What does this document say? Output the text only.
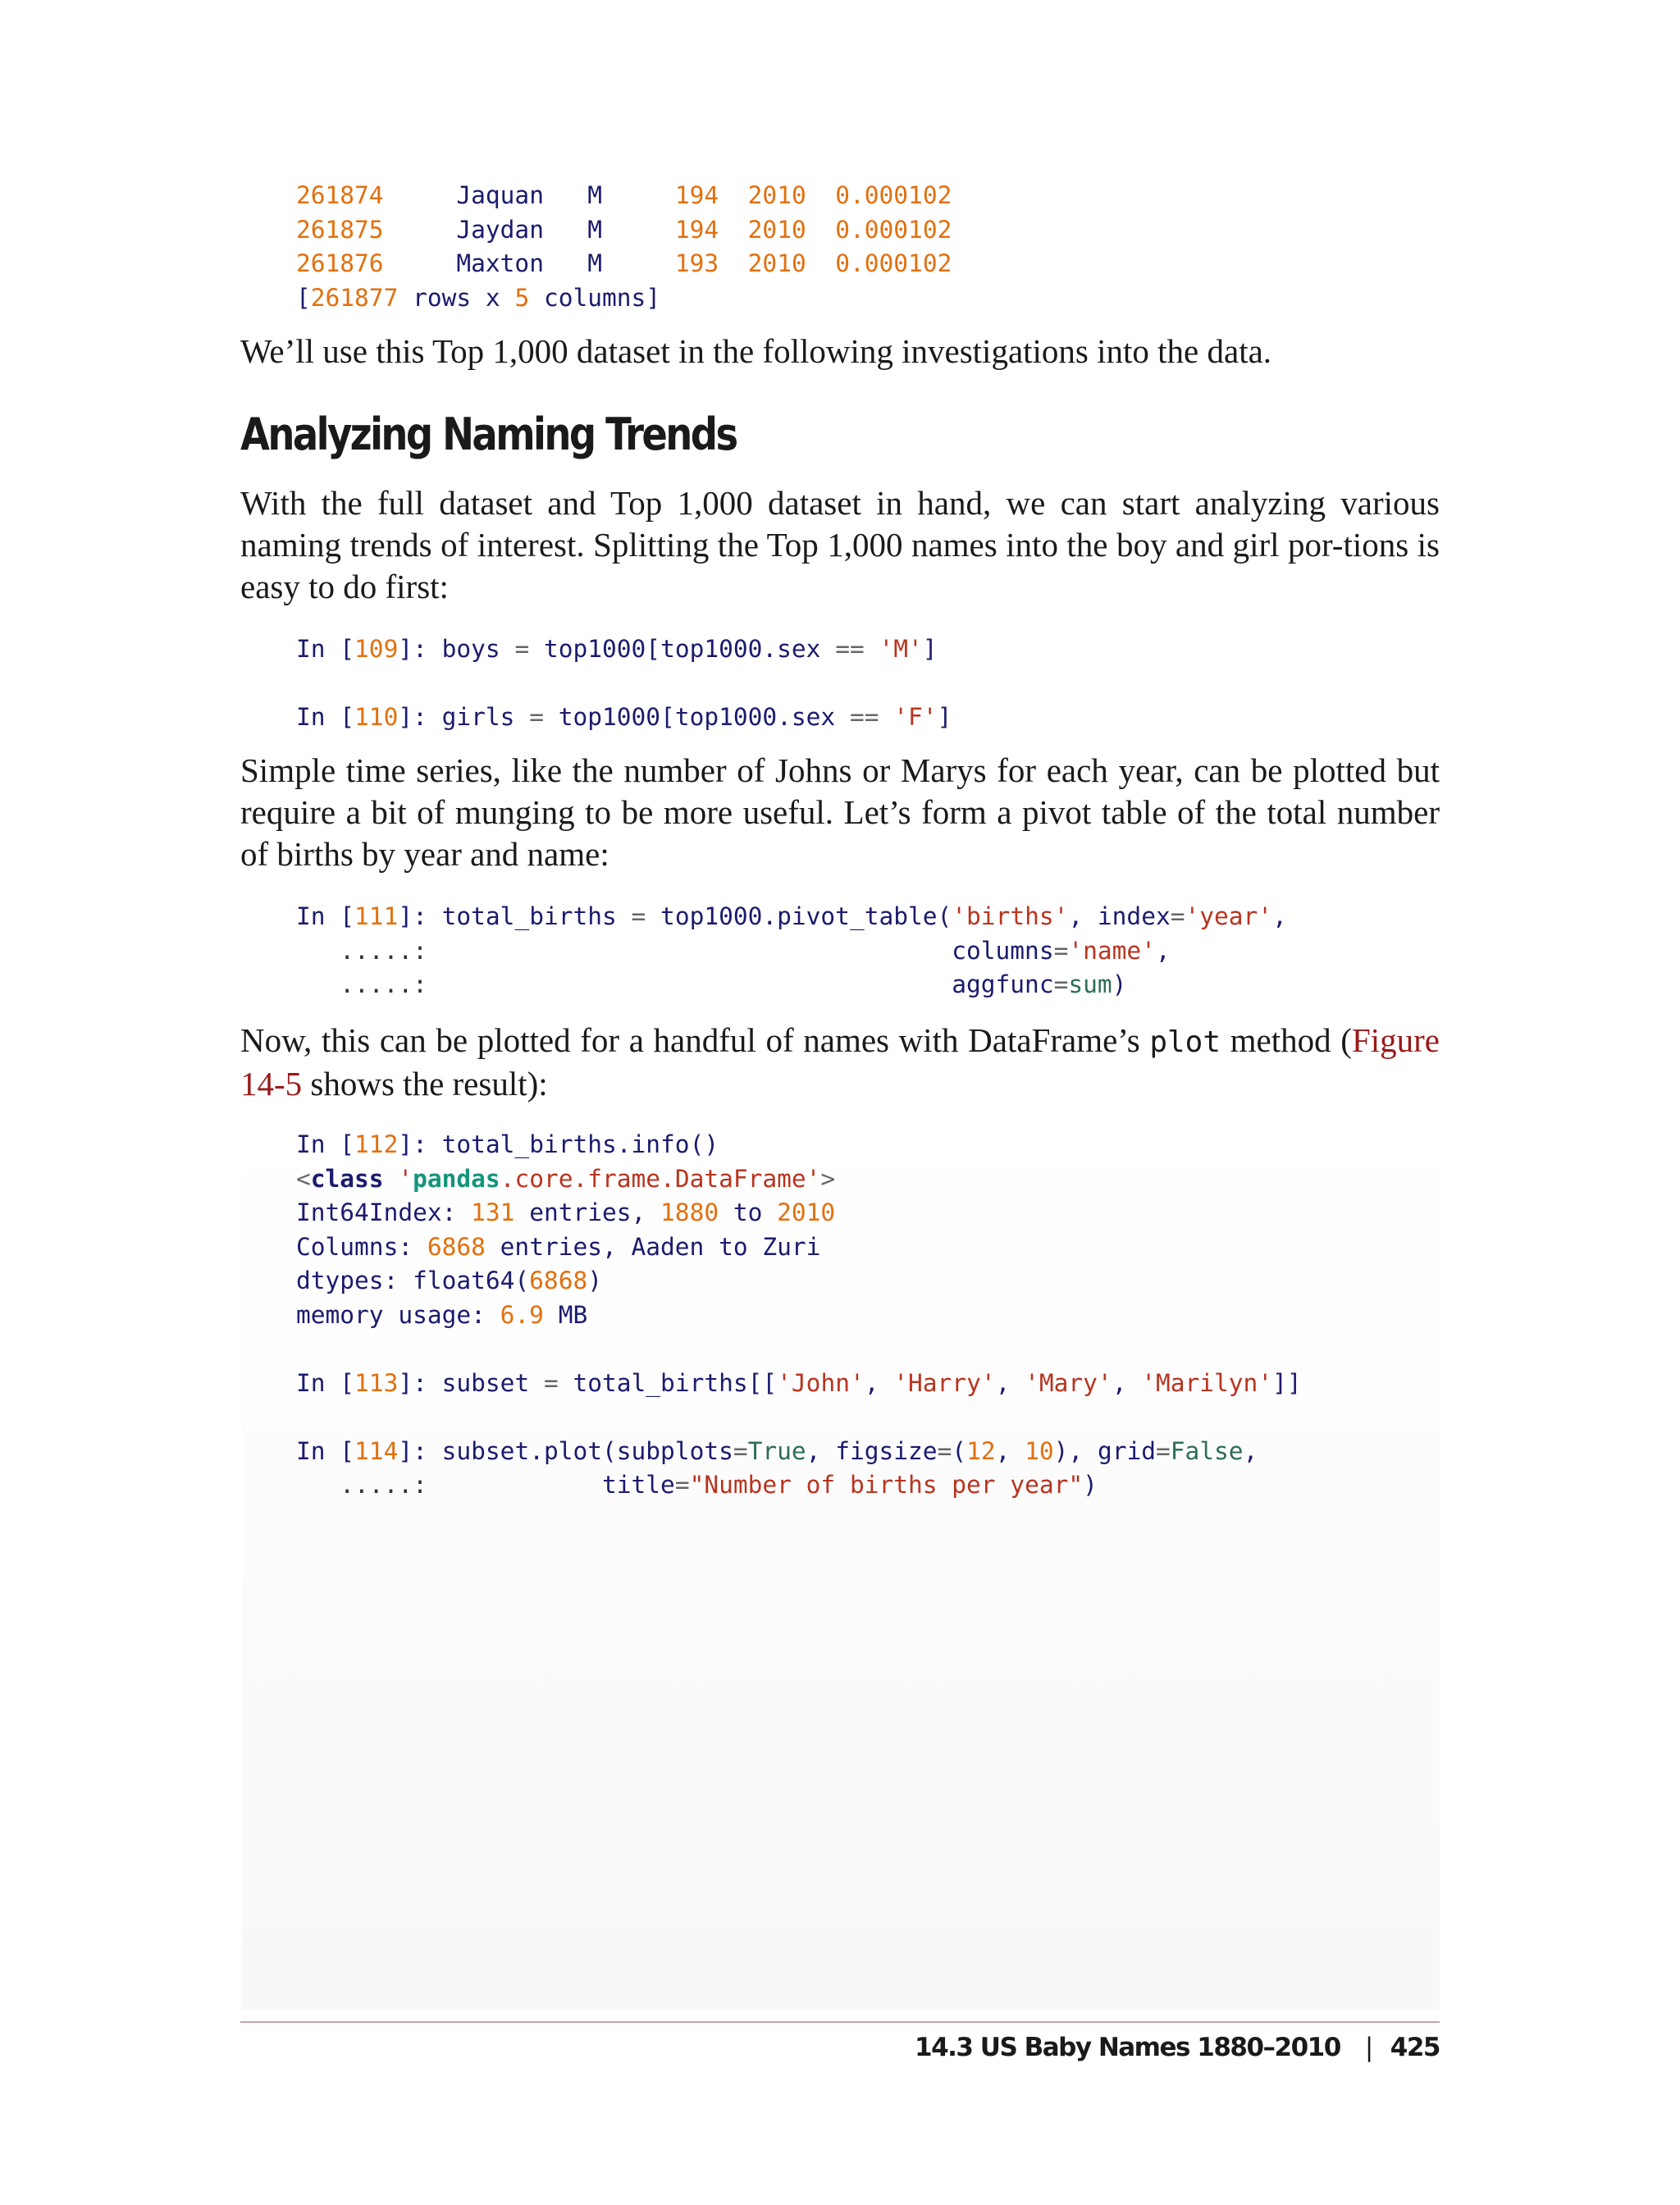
261874	Jaquan M	194 2010 0.000102
261875	Jaydan M	194 2010 0.000102
261876	Maxton M	193 2010 0.000102
[261877 rows x 5 columns]

We’ll use this Top 1,000 dataset in the following investigations into the data.

Analyzing Naming Trends

With the full dataset and Top 1,000 dataset in hand, we can start analyzing various naming trends of interest. Splitting the Top 1,000 names into the boy and girl por-tions is easy to do first:

In [109]: boys = top1000[top1000.sex == 'M']
In [110]: girls = top1000[top1000.sex == 'F']

Simple time series, like the number of Johns or Marys for each year, can be plotted but require a bit of munging to be more useful. Let’s form a pivot table of the total number of births by year and name:

In [111]: total_births = top1000.pivot_table('births', index='year',
.....:	columns='name',
.....:	aggfunc=sum)

Now, this can be plotted for a handful of names with DataFrame’s plot method (Figure 14-5 shows the result):

In [112]: total_births.info()
<class 'pandas.core.frame.DataFrame'>
Int64Index: 131 entries, 1880 to 2010
Columns: 6868 entries, Aaden to Zuri
dtypes: float64(6868)
memory usage: 6.9 MB
In [113]: subset = total_births[['John', 'Harry', 'Mary', 'Marilyn']]
In [114]: subset.plot(subplots=True, figsize=(12, 10), grid=False,
.....:	title="Number of births per year")
14.3 US Baby Names 1880–2010 | 425
